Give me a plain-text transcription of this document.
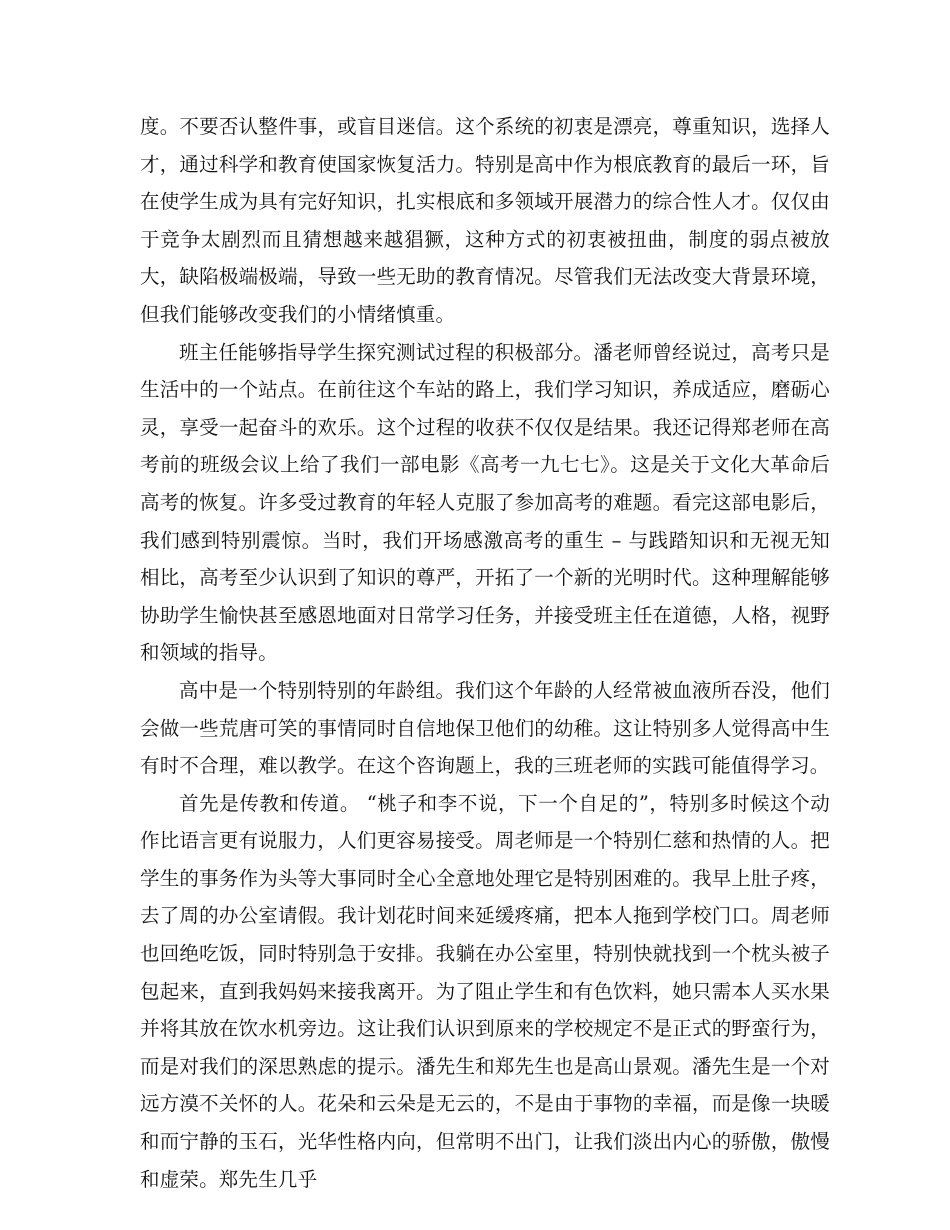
度。不要否认整件事，或盲目迷信。这个系统的初衷是漂亮，尊重知识，选择人才，通过科学和教育使国家恢复活力。特别是高中作为根底教育的最后一环，旨在使学生成为具有完好知识，扎实根底和多领域开展潜力的综合性人才。仅仅由于竞争太剧烈而且猜想越来越猖獗，这种方式的初衷被扭曲，制度的弱点被放大，缺陷极端极端，导致一些无助的教育情况。尽管我们无法改变大背景环境，但我们能够改变我们的小情绪慎重。

班主任能够指导学生探究测试过程的积极部分。潘老师曾经说过，高考只是生活中的一个站点。在前往这个车站的路上，我们学习知识，养成适应，磨砺心灵，享受一起奋斗的欢乐。这个过程的收获不仅仅是结果。我还记得郑老师在高考前的班级会议上给了我们一部电影《高考一九七七》。这是关于文化大革命后高考的恢复。许多受过教育的年轻人克服了参加高考的难题。看完这部电影后，我们感到特别震惊。当时，我们开场感激高考的重生 – 与践踏知识和无视无知相比，高考至少认识到了知识的尊严，开拓了一个新的光明时代。这种理解能够协助学生愉快甚至感恩地面对日常学习任务，并接受班主任在道德，人格，视野和领域的指导。

高中是一个特别特别的年龄组。我们这个年龄的人经常被血液所吞没，他们会做一些荒唐可笑的事情同时自信地保卫他们的幼稚。这让特别多人觉得高中生有时不合理，难以教学。在这个咨询题上，我的三班老师的实践可能值得学习。

首先是传教和传道。 “桃子和李不说，下一个自足的”，特别多时候这个动作比语言更有说服力，人们更容易接受。周老师是一个特别仁慈和热情的人。把学生的事务作为头等大事同时全心全意地处理它是特别困难的。我早上肚子疼，去了周的办公室请假。我计划花时间来延缓疼痛，把本人拖到学校门口。周老师也回绝吃饭，同时特别急于安排。我躺在办公室里，特别快就找到一个枕头被子包起来，直到我妈妈来接我离开。为了阻止学生和有色饮料，她只需本人买水果并将其放在饮水机旁边。这让我们认识到原来的学校规定不是正式的野蛮行为，而是对我们的深思熟虑的提示。潘先生和郑先生也是高山景观。潘先生是一个对远方漠不关怀的人。花朵和云朵是无云的，不是由于事物的幸福，而是像一块暖和而宁静的玉石，光华性格内向，但常明不出门，让我们淡出内心的骄傲，傲慢和虚荣。郑先生几乎
